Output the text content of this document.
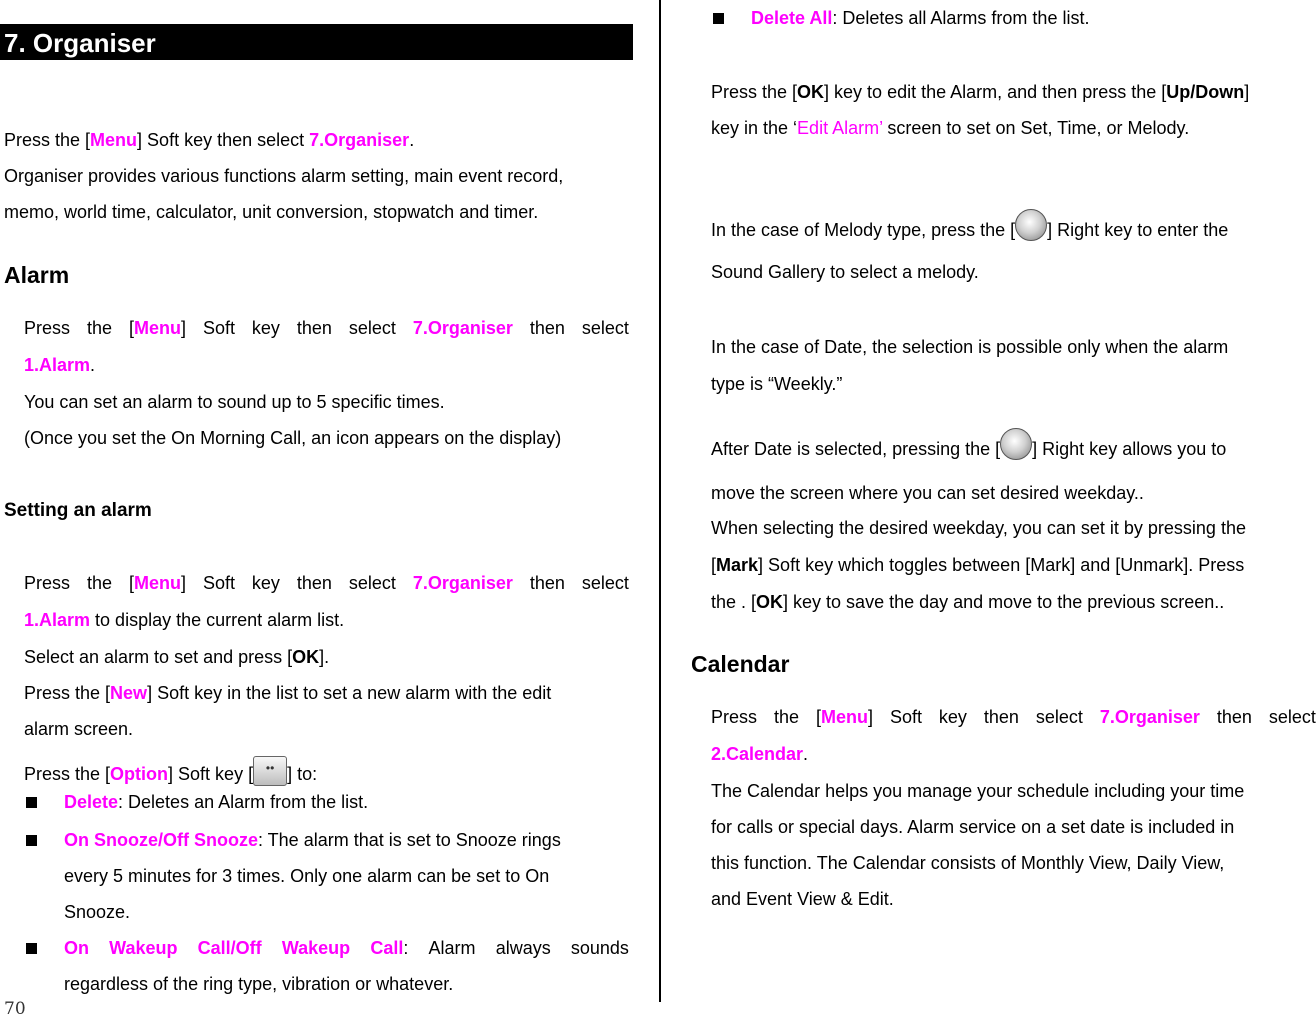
7. Organiser
Press the [Menu] Soft key then select 7.Organiser.
Organiser provides various functions alarm setting, main event record,
memo, world time, calculator, unit conversion, stopwatch and timer.
Alarm
Press the [Menu] Soft key then select 7.Organiser then select
1.Alarm.
You can set an alarm to sound up to 5 specific times.
(Once you set the On Morning Call, an icon appears on the display)
Setting an alarm
Press the [Menu] Soft key then select 7.Organiser then select
1.Alarm to display the current alarm list.
Select an alarm to set and press [OK].
Press the [New] Soft key in the list to set a new alarm with the edit
alarm screen.
Press the [Option] Soft key [ •• ] to:
Delete: Deletes an Alarm from the list.
On Snooze/Off Snooze: The alarm that is set to Snooze rings
every 5 minutes for 3 times. Only one alarm can be set to On
Snooze.
On Wakeup Call/Off Wakeup Call: Alarm always sounds
regardless of the ring type, vibration or whatever.
70
Delete All: Deletes all Alarms from the list.
Press the [OK] key to edit the Alarm, and then press the [Up/Down]
key in the ‘Edit Alarm’ screen to set on Set, Time, or Melody.
In the case of Melody type, press the [ ] Right key to enter the
Sound Gallery to select a melody.
In the case of Date, the selection is possible only when the alarm
type is “Weekly.”
After Date is selected, pressing the [ ] Right key allows you to
move the screen where you can set desired weekday..
When selecting the desired weekday, you can set it by pressing the
[Mark] Soft key which toggles between [Mark] and [Unmark]. Press
the . [OK] key to save the day and move to the previous screen..
Calendar
Press the [Menu] Soft key then select 7.Organiser then select
2.Calendar.
The Calendar helps you manage your schedule including your time
for calls or special days. Alarm service on a set date is included in
this function. The Calendar consists of Monthly View, Daily View,
and Event View & Edit.
